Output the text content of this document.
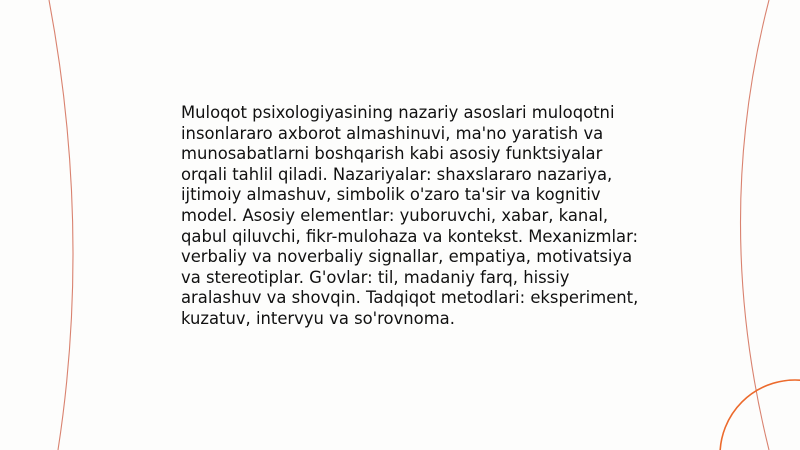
Muloqot psixologiyasining nazariy asoslari muloqotni insonlararo axborot almashinuvi, ma'no yaratish va munosabatlarni boshqarish kabi asosiy funktsiyalar orqali tahlil qiladi. Nazariyalar: shaxslararo nazariya, ijtimoiy almashuv, simbolik o'zaro ta'sir va kognitiv model. Asosiy elementlar: yuboruvchi, xabar, kanal, qabul qiluvchi, fikr-mulohaza va kontekst. Mexanizmlar: verbaliy va noverbaliy signallar, empatiya, motivatsiya va stereotiplar. G'ovlar: til, madaniy farq, hissiy aralashuv va shovqin. Tadqiqot metodlari: eksperiment, kuzatuv, intervyu va so'rovnoma.
